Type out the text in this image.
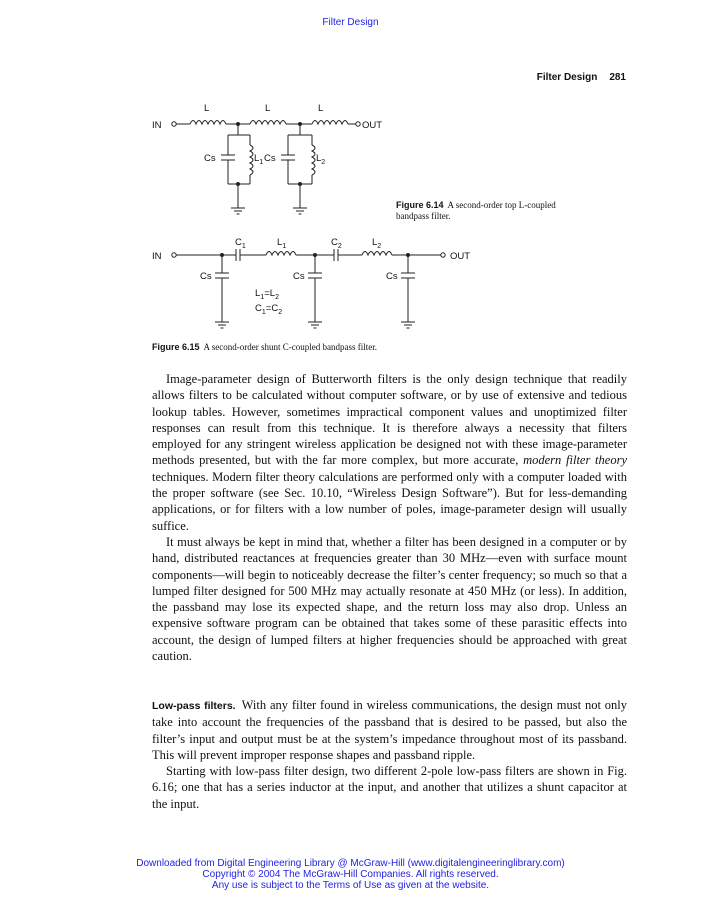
Filter Design
Filter Design 281
IN	OUT
L	L	L
Cs	$L_1$ Cs	$L_2$
IN	OUT
$C_1$	$L_1$	$C_2$	$L_2$
Cs	Cs	Cs
$L_1=L_2$
$C_1=C_2$
Figure 6.14 A second-order top L-coupled bandpass filter.
Figure 6.15 A second-order shunt C-coupled bandpass filter.

Image-parameter design of Butterworth filters is the only design technique that readily allows filters to be calculated without computer software, or by use of extensive and tedious lookup tables. However, sometimes impractical component values and unoptimized filter responses can result from this technique. It is therefore always a necessity that filters employed for any stringent wireless application be designed not with these image-parameter methods presented, but with the far more complex, but more accurate, modern filter theory techniques. Modern filter theory calculations are performed only with a computer loaded with the proper software (see Sec. 10.10, “Wireless Design Software”). But for less-demanding applications, or for filters with a low number of poles, image-parameter design will usually suffice.

It must always be kept in mind that, whether a filter has been designed in a computer or by hand, distributed reactances at frequencies greater than 30 MHz—even with surface mount components—will begin to noticeably decrease the filter’s center frequency; so much so that a lumped filter designed for 500 MHz may actually resonate at 450 MHz (or less). In addition, the passband may lose its expected shape, and the return loss may also drop. Unless an expensive software program can be obtained that takes some of these parasitic effects into account, the design of lumped filters at higher frequencies should be approached with great caution.

Low-pass filters. With any filter found in wireless communications, the design must not only take into account the frequencies of the passband that is desired to be passed, but also the filter’s input and output must be at the system’s impedance throughout most of its passband. This will prevent improper response shapes and passband ripple.

Starting with low-pass filter design, two different 2-pole low-pass filters are shown in Fig. 6.16; one that has a series inductor at the input, and another that utilizes a shunt capacitor at the input.

Downloaded from Digital Engineering Library @ McGraw-Hill (www.digitalengineeringlibrary.com)
Copyright © 2004 The McGraw-Hill Companies. All rights reserved.
Any use is subject to the Terms of Use as given at the website.
